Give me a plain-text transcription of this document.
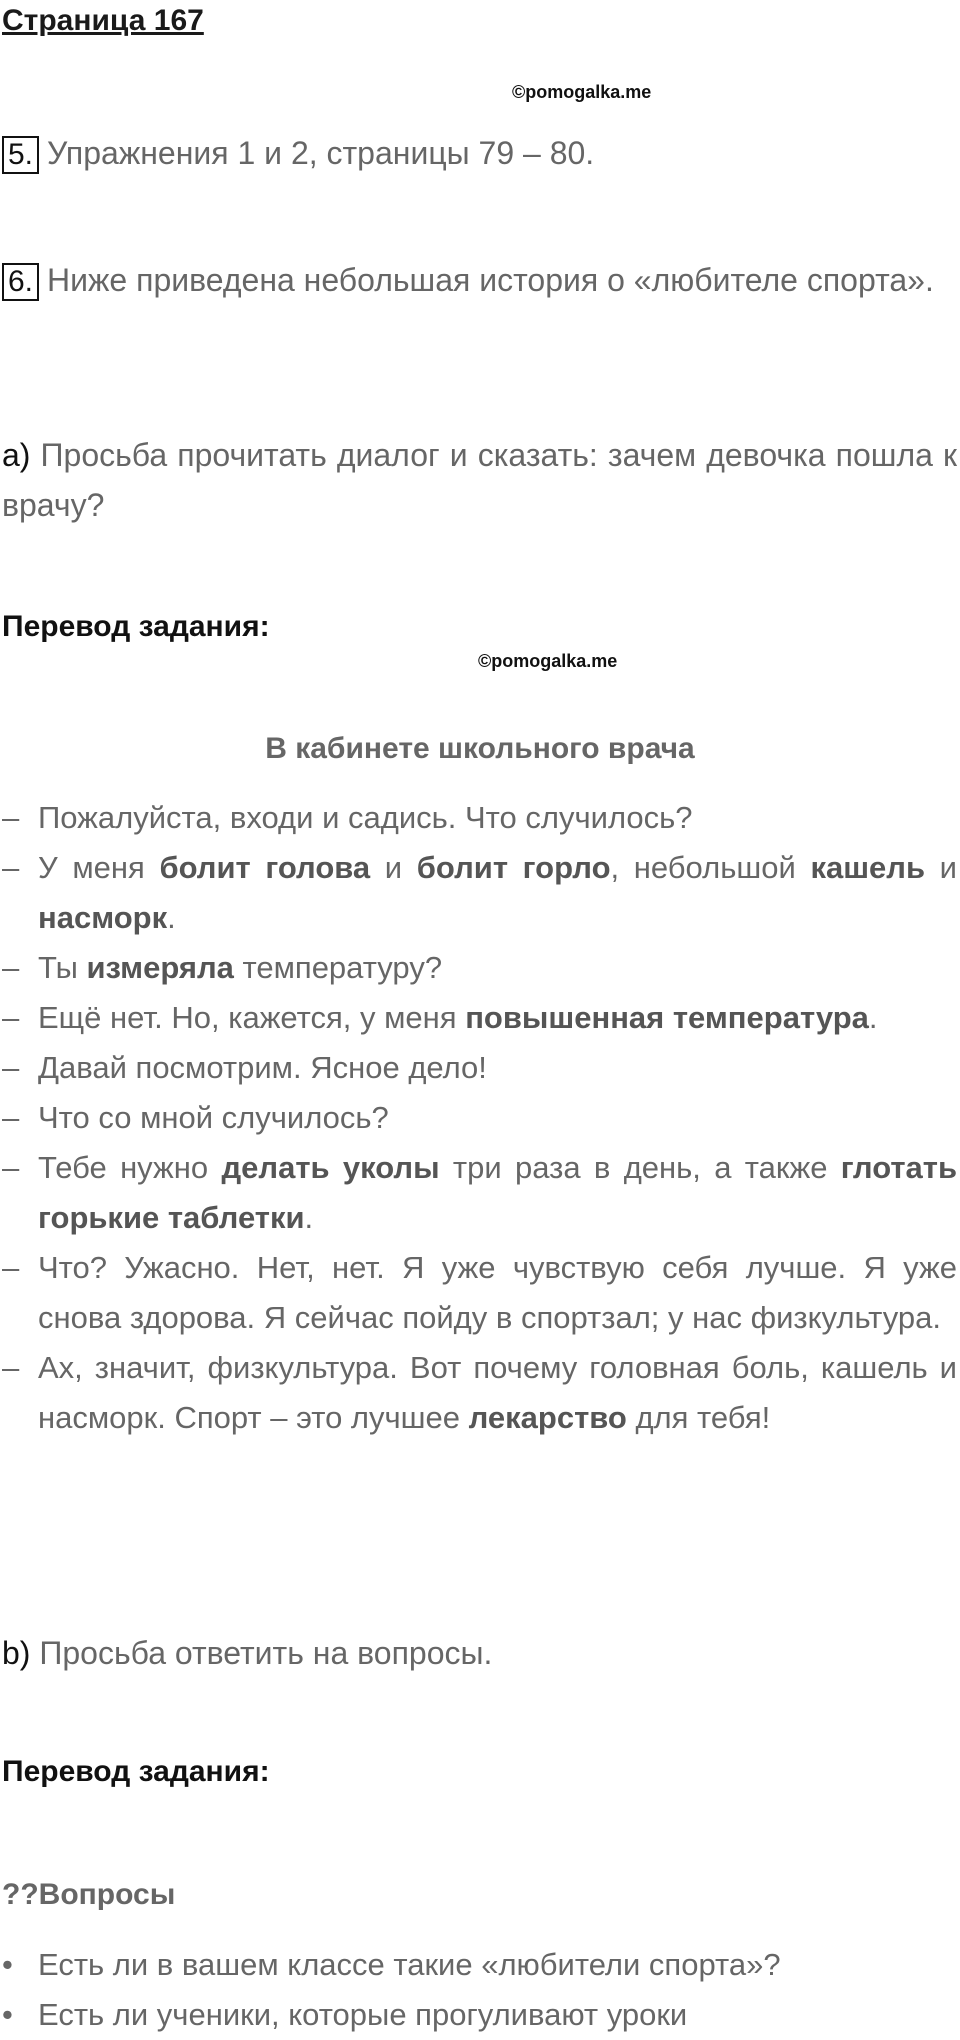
Страница 167
©pomogalka.me
5. Упражнения 1 и 2, страницы 79 – 80.
6. Ниже приведена небольшая история о «любителе спорта».
a) Просьба прочитать диалог и сказать: зачем девочка пошла к врачу?
Перевод задания:
©pomogalka.me
В кабинете школьного врача
– Пожалуйста, входи и садись. Что случилось?
– У меня болит голова и болит горло, небольшой кашель и насморк.
– Ты измеряла температуру?
– Ещё нет. Но, кажется, у меня повышенная температура.
– Давай посмотрим. Ясное дело!
– Что со мной случилось?
– Тебе нужно делать уколы три раза в день, а также глотать горькие таблетки.
– Что? Ужасно. Нет, нет. Я уже чувствую себя лучше. Я уже снова здорова. Я сейчас пойду в спортзал; у нас физкультура.
– Ах, значит, физкультура. Вот почему головная боль, кашель и насморк. Спорт – это лучшее лекарство для тебя!
b) Просьба ответить на вопросы.
Перевод задания:
??Вопросы
• Есть ли в вашем классе такие «любители спорта»?
• Есть ли ученики, которые прогуливают уроки
